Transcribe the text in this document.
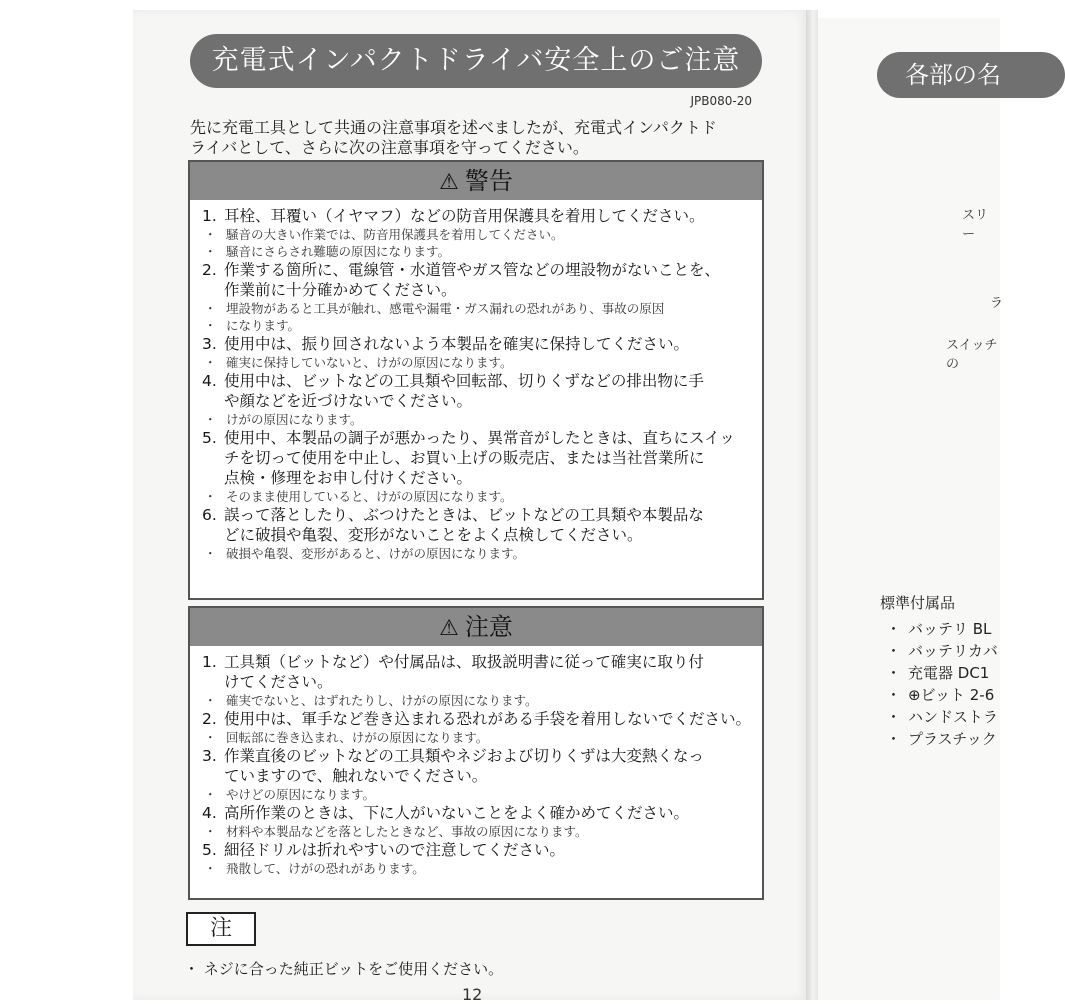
充電式インパクトドライバ安全上のご注意
JPB080-20
先に充電工具として共通の注意事項を述べましたが、充電式インパクトド
ライバとして、さらに次の注意事項を守ってください。
⚠ 警告
1. 耳栓、耳覆い（イヤマフ）などの防音用保護具を着用してください。
・ 騒音の大きい作業では、防音用保護具を着用してください。
・ 騒音にさらされ難聴の原因になります。
2. 作業する箇所に、電線管・水道管やガス管などの埋設物がないことを、
作業前に十分確かめてください。
・ 埋設物があると工具が触れ、感電や漏電・ガス漏れの恐れがあり、事故の原因
・ になります。
3. 使用中は、振り回されないよう本製品を確実に保持してください。
・ 確実に保持していないと、けがの原因になります。
4. 使用中は、ビットなどの工具類や回転部、切りくずなどの排出物に手
や顔などを近づけないでください。
・ けがの原因になります。
5. 使用中、本製品の調子が悪かったり、異常音がしたときは、直ちにスイッ
チを切って使用を中止し、お買い上げの販売店、または当社営業所に
点検・修理をお申し付けください。
・ そのまま使用していると、けがの原因になります。
6. 誤って落としたり、ぶつけたときは、ビットなどの工具類や本製品な
どに破損や亀裂、変形がないことをよく点検してください。
・ 破損や亀裂、変形があると、けがの原因になります。
⚠ 注意
1. 工具類（ビットなど）や付属品は、取扱説明書に従って確実に取り付
けてください。
・ 確実でないと、はずれたりし、けがの原因になります。
2. 使用中は、軍手など巻き込まれる恐れがある手袋を着用しないでください。
・ 回転部に巻き込まれ、けがの原因になります。
3. 作業直後のビットなどの工具類やネジおよび切りくずは大変熱くなっ
ていますので、触れないでください。
・ やけどの原因になります。
4. 高所作業のときは、下に人がいないことをよく確かめてください。
・ 材料や本製品などを落としたときなど、事故の原因になります。
5. 細径ドリルは折れやすいので注意してください。
・ 飛散して、けがの恐れがあります。
注
・ ネジに合った純正ビットをご使用ください。
12
各部の名
スリー
ラ
スイッチの
標準付属品
・ バッテリ BL
・ バッテリカバ
・ 充電器 DC1
・ ⊕ビット 2-6
・ ハンドストラ
・ プラスチック
